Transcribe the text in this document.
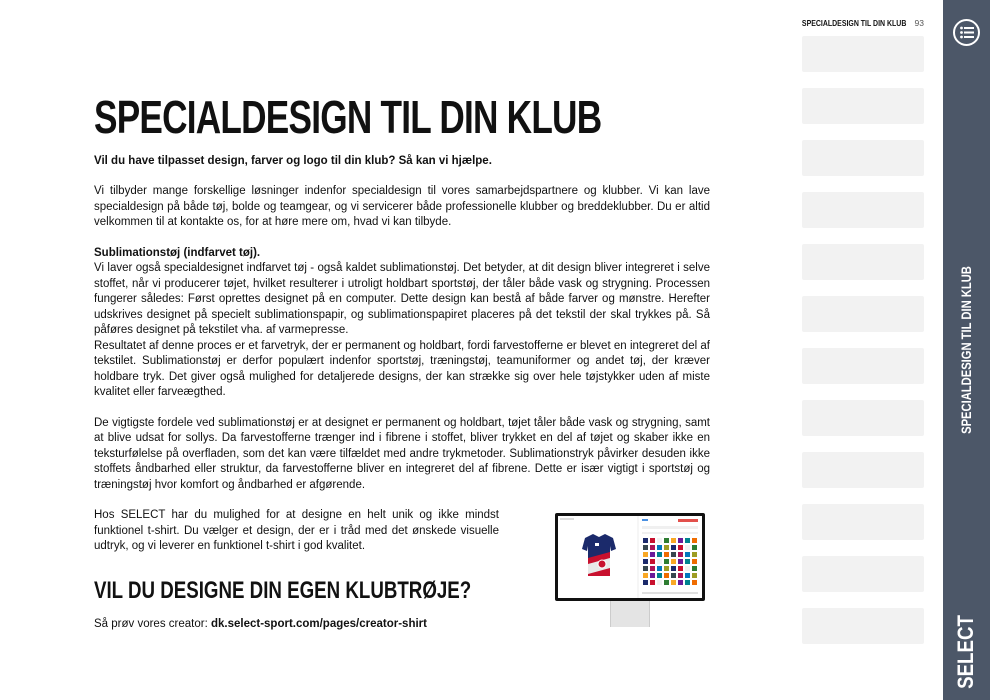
SPECIALDESIGN TIL DIN KLUB 93
SPECIALDESIGN TIL DIN KLUB
SELECT
SPECIALDESIGN TIL DIN KLUB
Vil du have tilpasset design, farver og logo til din klub? Så kan vi hjælpe.

Vi tilbyder mange forskellige løsninger indenfor specialdesign til vores samarbejdspartnere og klubber. Vi kan lave specialdesign på både tøj, bolde og teamgear, og vi servicerer både professionelle klubber og breddeklubber. Du er altid velkommen til at kontakte os, for at høre mere om, hvad vi kan tilbyde.

Sublimationstøj (indfarvet tøj).

Vi laver også specialdesignet indfarvet tøj - også kaldet sublimationstøj. Det betyder, at dit design bliver integreret i selve stoffet, når vi producerer tøjet, hvilket resulterer i utroligt holdbart sportstøj, der tåler både vask og strygning. Processen fungerer således: Først oprettes designet på en computer. Dette design kan bestå af både farver og mønstre. Herefter udskrives designet på specielt sublimationspapir, og sublimationspapiret placeres på det tekstil der skal trykkes på. Så påføres designet på tekstilet vha. af varmepresse.

Resultatet af denne proces er et farvetryk, der er permanent og holdbart, fordi farvestofferne er blevet en integreret del af tekstilet. Sublimationstøj er derfor populært indenfor sportstøj, træningstøj, teamuniformer og andet tøj, der kræver holdbare tryk. Det giver også mulighed for detaljerede designs, der kan strække sig over hele tøjstykker uden af miste kvalitet eller farveægthed.

De vigtigste fordele ved sublimationstøj er at designet er permanent og holdbart, tøjet tåler både vask og strygning, samt at blive udsat for sollys. Da farvestofferne trænger ind i fibrene i stoffet, bliver trykket en del af tøjet og skaber ikke en teksturfølelse på overfladen, som det kan være tilfældet med andre trykmetoder. Sublimationstryk påvirker desuden ikke stoffets åndbarhed eller struktur, da farvestofferne bliver en integreret del af fibrene. Dette er især vigtigt i sportstøj og træningstøj hvor komfort og åndbarhed er afgørende.

Hos SELECT har du mulighed for at designe en helt unik og ikke mindst funktionel t-shirt. Du vælger et design, der er i tråd med det ønskede visuelle udtryk, og vi leverer en funktionel t-shirt i god kvalitet.

VIL DU DESIGNE DIN EGEN KLUBTRØJE?

Så prøv vores creator: dk.select-sport.com/pages/creator-shirt
